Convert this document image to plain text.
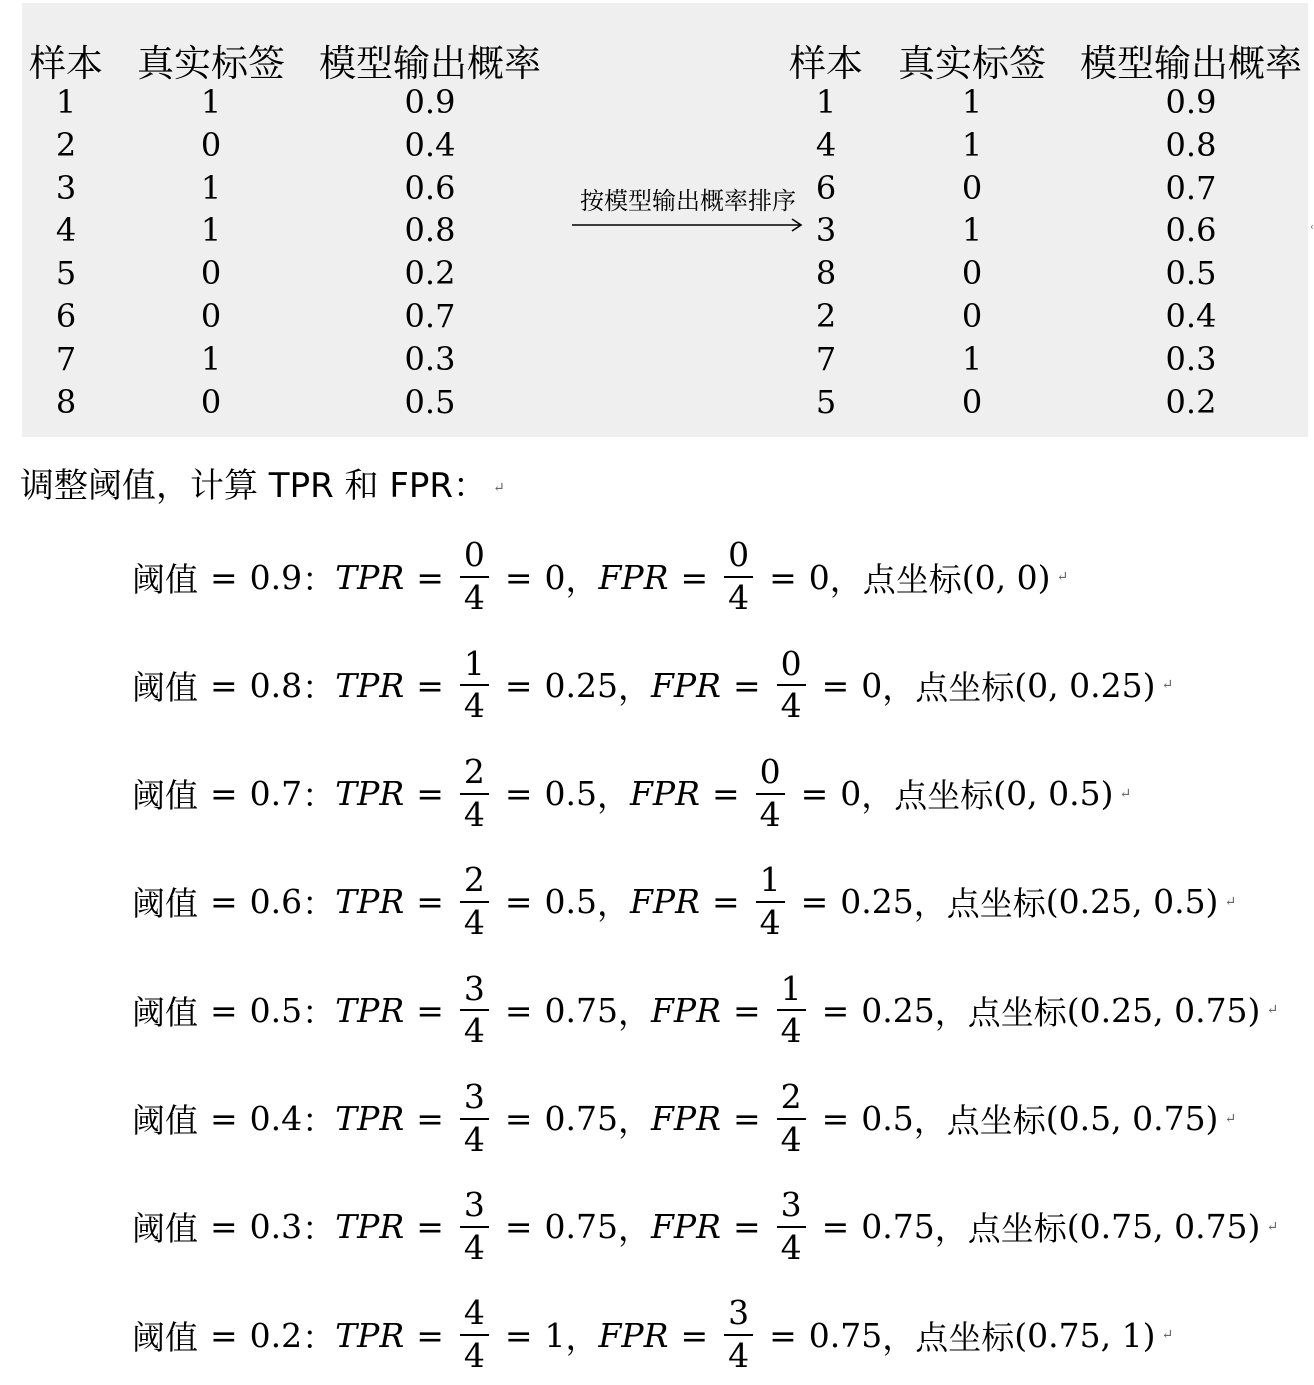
样本 真实标签 模型输出概率
1	1	0.9
2	0	0.4
3	1	0.6
4	1	0.8
5	0	0.2
6	0	0.7
7	1	0.3
8	0	0.5
按模型输出概率排序
样本 真实标签 模型输出概率
1	1	0.9
4	1	0.8
6	0	0.7
3	1	0.6
8	0	0.5
2	0	0.4
7	1	0.3
5	0	0.2
‹
调整阈值，计算 TPR 和 FPR： ↵
阈值 = 0.9 ： TPR = $\frac{0}{4} = 0$ ， FPR = $\frac{0}{4} = 0$ ， 点坐标 (0, 0) ↵
阈值 = 0.8 ： TPR = $\frac{1}{4} = 0.25$ ， FPR = $\frac{0}{4} = 0$ ， 点坐标 (0, 0.25) ↵
阈值 = 0.7 ： TPR = $\frac{2}{4} = 0.5$ ， FPR = $\frac{0}{4} = 0$ ， 点坐标 (0, 0.5) ↵
阈值 = 0.6 ： TPR = $\frac{2}{4} = 0.5$ ， FPR = $\frac{1}{4} = 0.25$ ， 点坐标 (0.25, 0.5) ↵
阈值 = 0.5 ： TPR = $\frac{3}{4} = 0.75$ ， FPR = $\frac{1}{4} = 0.25$ ， 点坐标 (0.25, 0.75) ↵
阈值 = 0.4 ： TPR = $\frac{3}{4} = 0.75$ ， FPR = $\frac{2}{4} = 0.5$ ， 点坐标 (0.5, 0.75) ↵
阈值 = 0.3 ： TPR = $\frac{3}{4} = 0.75$ ， FPR = $\frac{3}{4} = 0.75$ ， 点坐标 (0.75, 0.75) ↵
阈值 = 0.2 ： TPR = $\frac{4}{4} = 1$ ， FPR = $\frac{3}{4} = 0.75$ ， 点坐标 (0.75, 1) ↵
